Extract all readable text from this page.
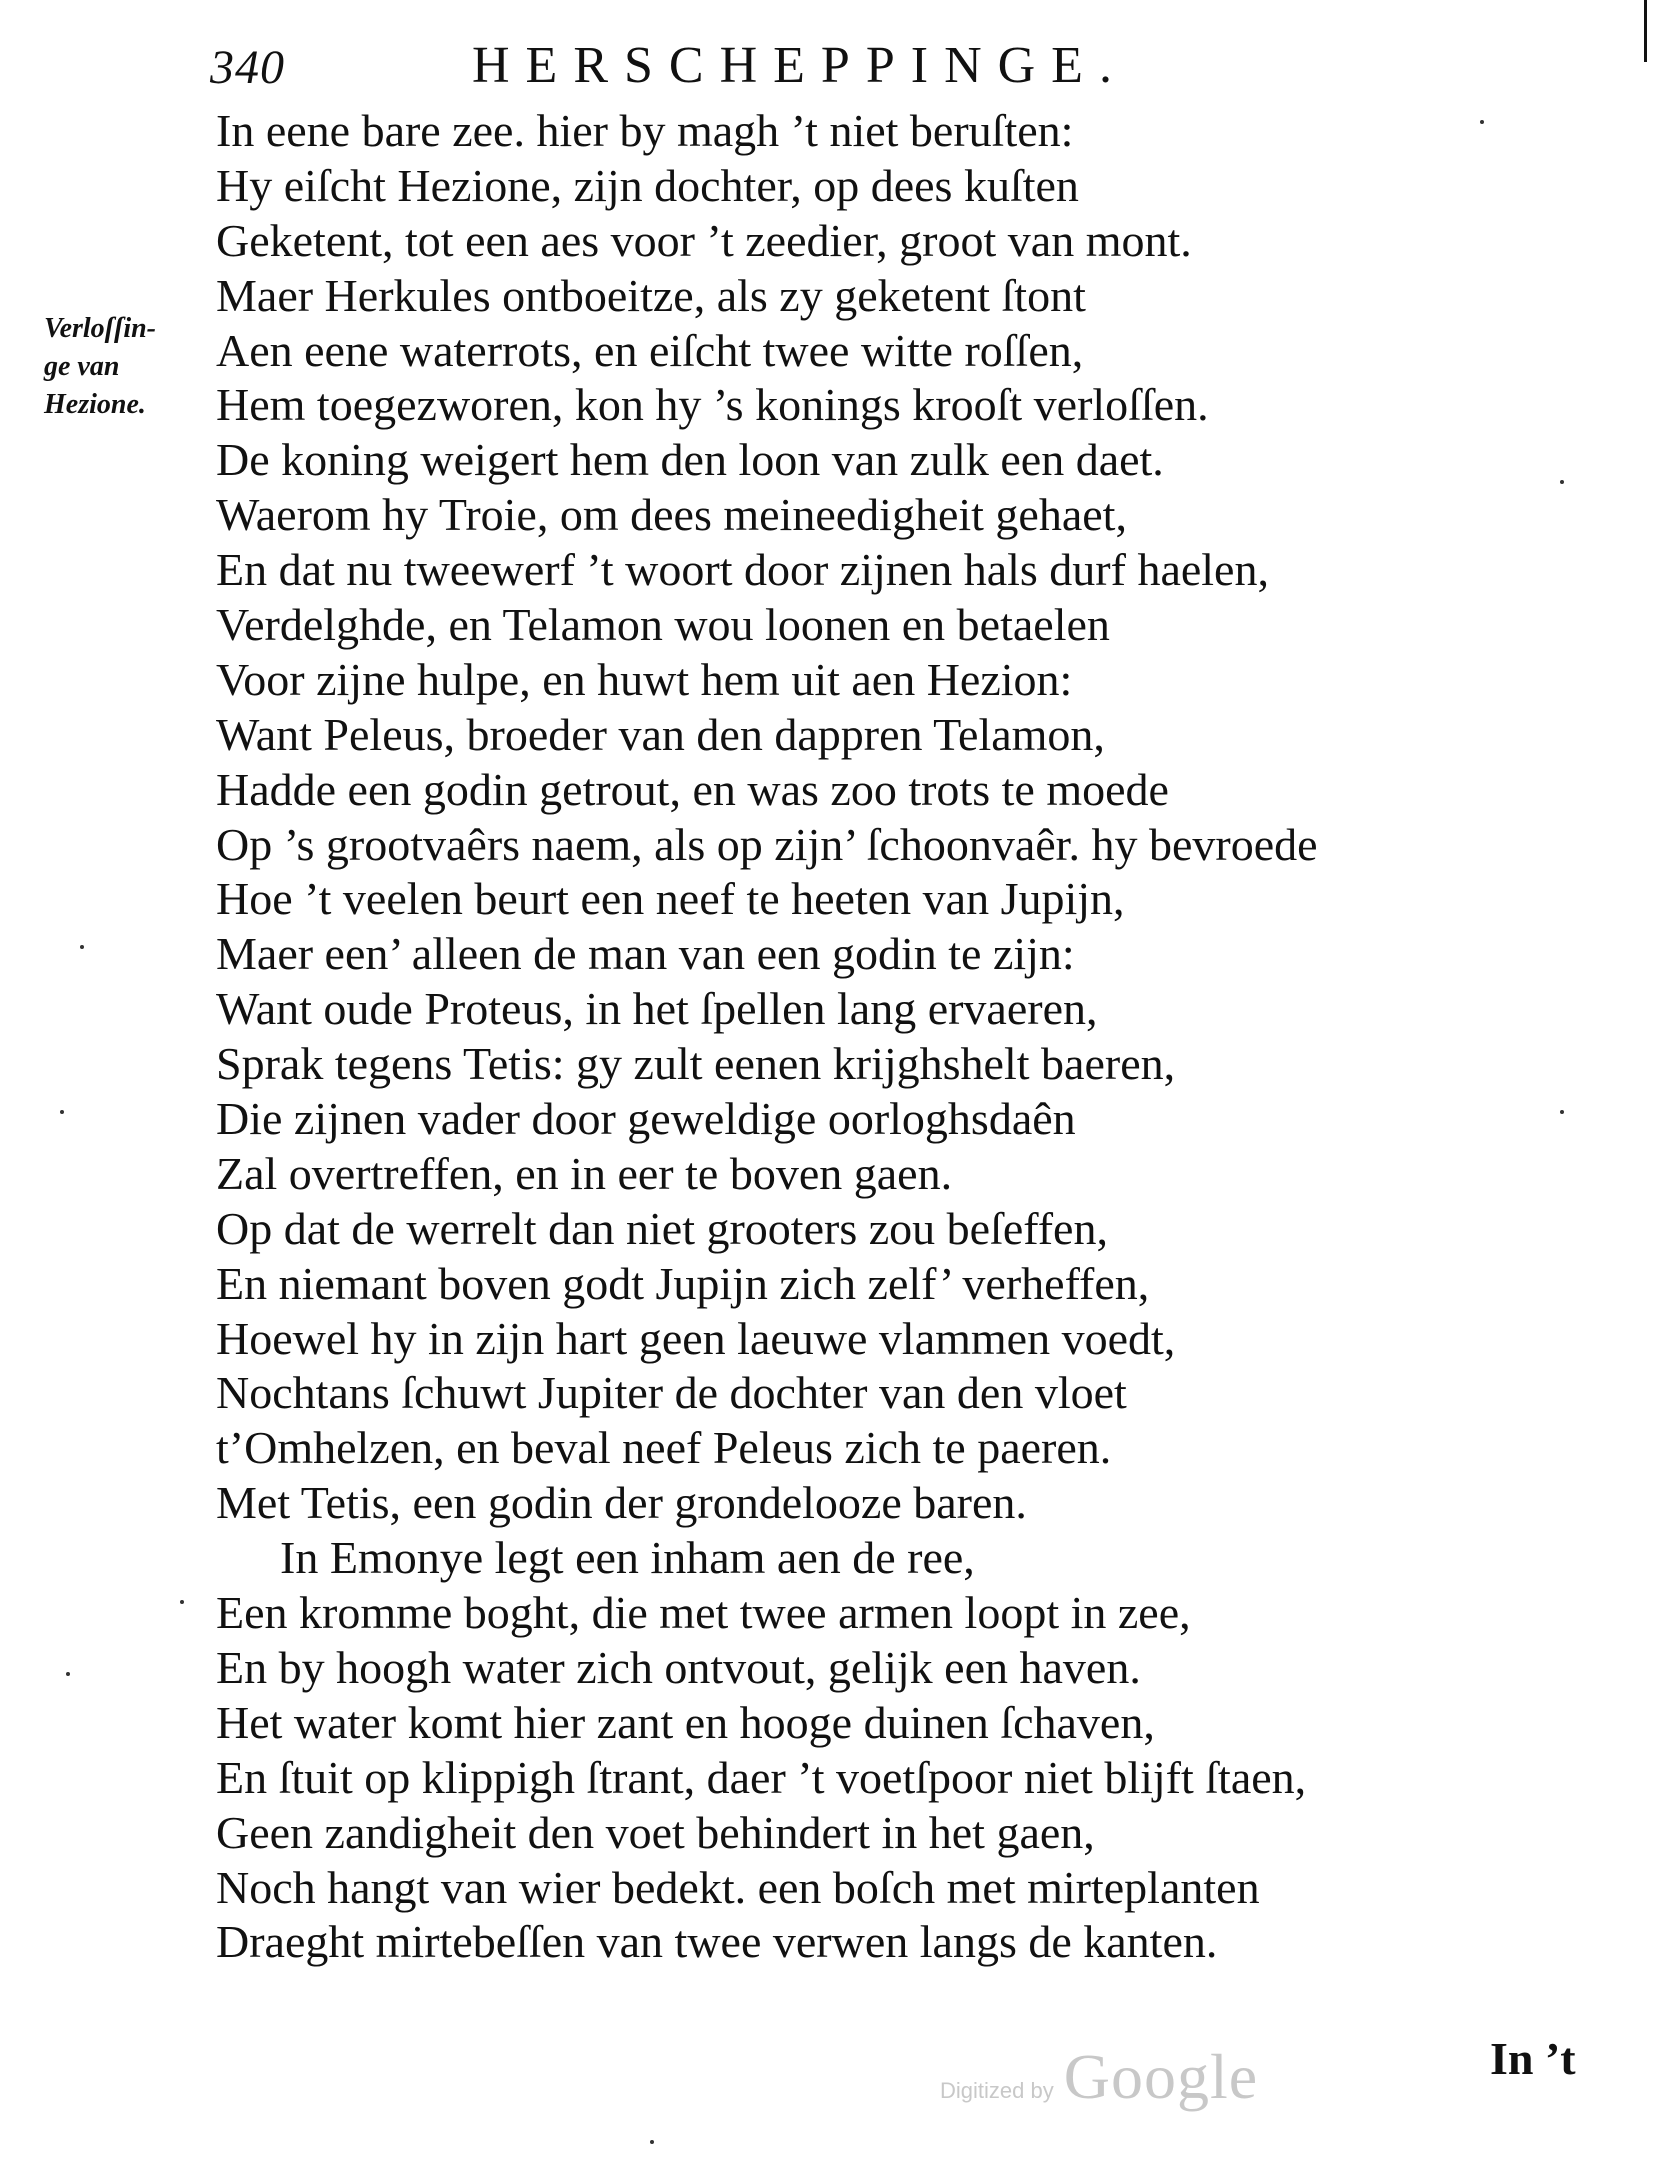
340	HERSCHEPPINGE.
Verloſſin-
ge van
Hezione.
In eene bare zee. hier by magh ’t niet beruſten:
Hy eiſcht Hezione, zijn dochter, op dees kuſten
Geketent, tot een aes voor ’t zeedier, groot van mont.
Maer Herkules ontboeitze, als zy geketent ſtont
Aen eene waterrots, en eiſcht twee witte roſſen,
Hem toegezworen, kon hy ’s konings krooſt verloſſen.
De koning weigert hem den loon van zulk een daet.
Waerom hy Troie, om dees meineedigheit gehaet,
En dat nu tweewerf ’t woort door zijnen hals durf haelen,
Verdelghde, en Telamon wou loonen en betaelen
Voor zijne hulpe, en huwt hem uit aen Hezion:
Want Peleus, broeder van den dappren Telamon,
Hadde een godin getrout, en was zoo trots te moede
Op ’s grootvaêrs naem, als op zijn’ ſchoonvaêr. hy bevroede
Hoe ’t veelen beurt een neef te heeten van Jupijn,
Maer een’ alleen de man van een godin te zijn:
Want oude Proteus, in het ſpellen lang ervaeren,
Sprak tegens Tetis: gy zult eenen krijghshelt baeren,
Die zijnen vader door geweldige oorloghsdaên
Zal overtreffen, en in eer te boven gaen.
Op dat de werrelt dan niet grooters zou beſeffen,
En niemant boven godt Jupijn zich zelf’ verheffen,
Hoewel hy in zijn hart geen laeuwe vlammen voedt,
Nochtans ſchuwt Jupiter de dochter van den vloet
t’Omhelzen, en beval neef Peleus zich te paeren.
Met Tetis, een godin der grondelooze baren.
In Emonye legt een inham aen de ree,
Een kromme boght, die met twee armen loopt in zee,
En by hoogh water zich ontvout, gelijk een haven.
Het water komt hier zant en hooge duinen ſchaven,
En ſtuit op klippigh ſtrant, daer ’t voetſpoor niet blijft ſtaen,
Geen zandigheit den voet behindert in het gaen,
Noch hangt van wier bedekt. een boſch met mirteplanten
Draeght mirtebeſſen van twee verwen langs de kanten.
Digitized by Google	In ’t
